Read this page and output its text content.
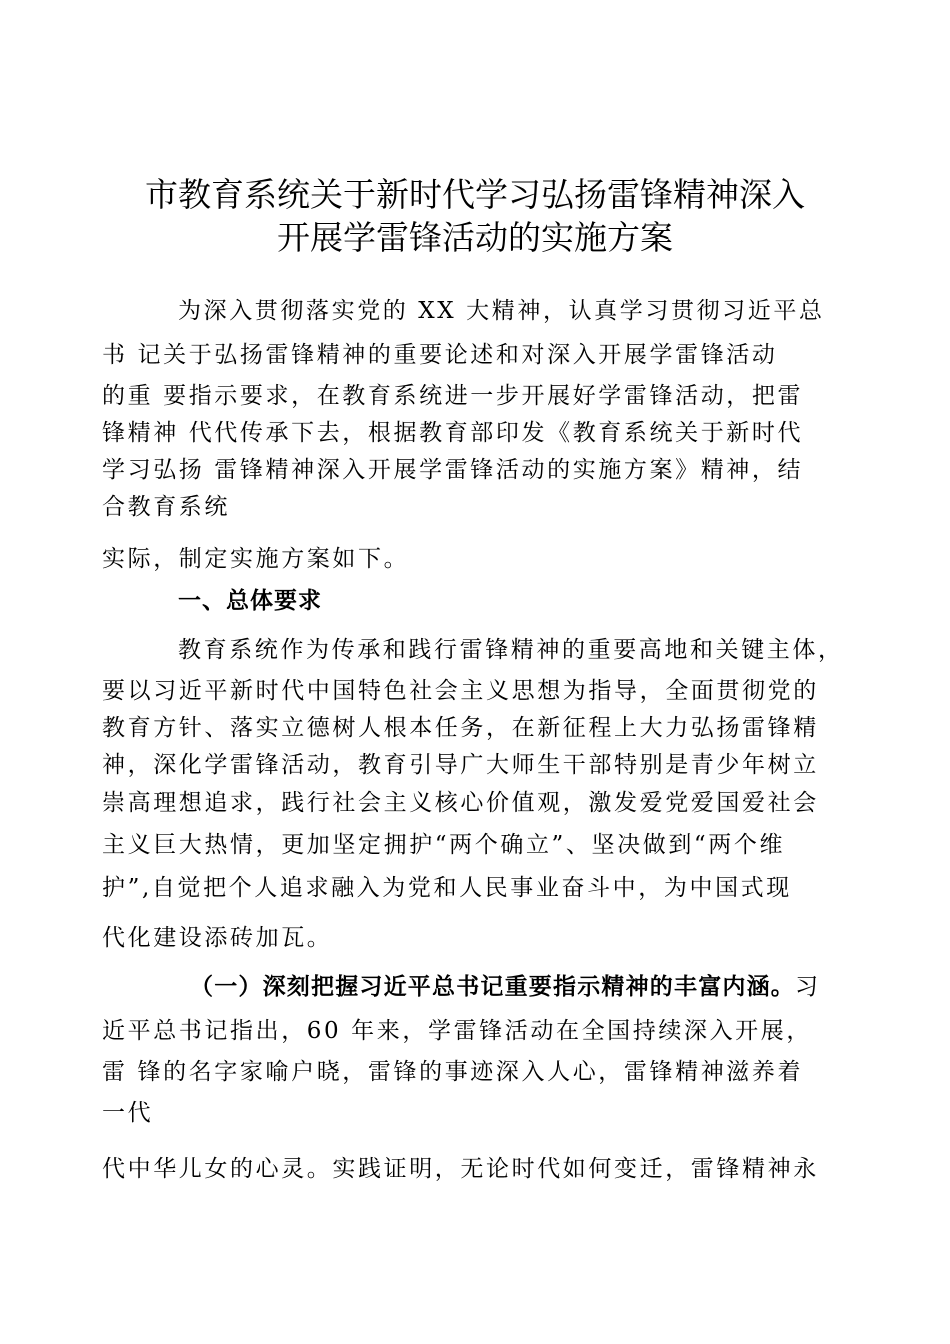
市教育系统关于新时代学习弘扬雷锋精神深入
开展学雷锋活动的实施方案
为深入贯彻落实党的 XX 大精神，认真学习贯彻习近平总
书 记关于弘扬雷锋精神的重要论述和对深入开展学雷锋活动
的重 要指示要求，在教育系统进一步开展好学雷锋活动，把雷
锋精神 代代传承下去，根据教育部印发《教育系统关于新时代
学习弘扬 雷锋精神深入开展学雷锋活动的实施方案》精神，结
合教育系统
实际，制定实施方案如下。
一、总体要求
教育系统作为传承和践行雷锋精神的重要高地和关键主体，
要以习近平新时代中国特色社会主义思想为指导，全面贯彻党的
教育方针、落实立德树人根本任务，在新征程上大力弘扬雷锋精
神，深化学雷锋活动，教育引导广大师生干部特别是青少年树立
崇高理想追求，践行社会主义核心价值观，激发爱党爱国爱社会
主义巨大热情，更加坚定拥护“两个确立”、坚决做到“两个维
护”,自觉把个人追求融入为党和人民事业奋斗中，为中国式现
代化建设添砖加瓦。
（一）深刻把握习近平总书记重要指示精神的丰富内涵。习
近平总书记指出，60 年来，学雷锋活动在全国持续深入开展，
雷 锋的名字家喻户晓，雷锋的事迹深入人心，雷锋精神滋养着
一代
代中华儿女的心灵。实践证明，无论时代如何变迁，雷锋精神永
